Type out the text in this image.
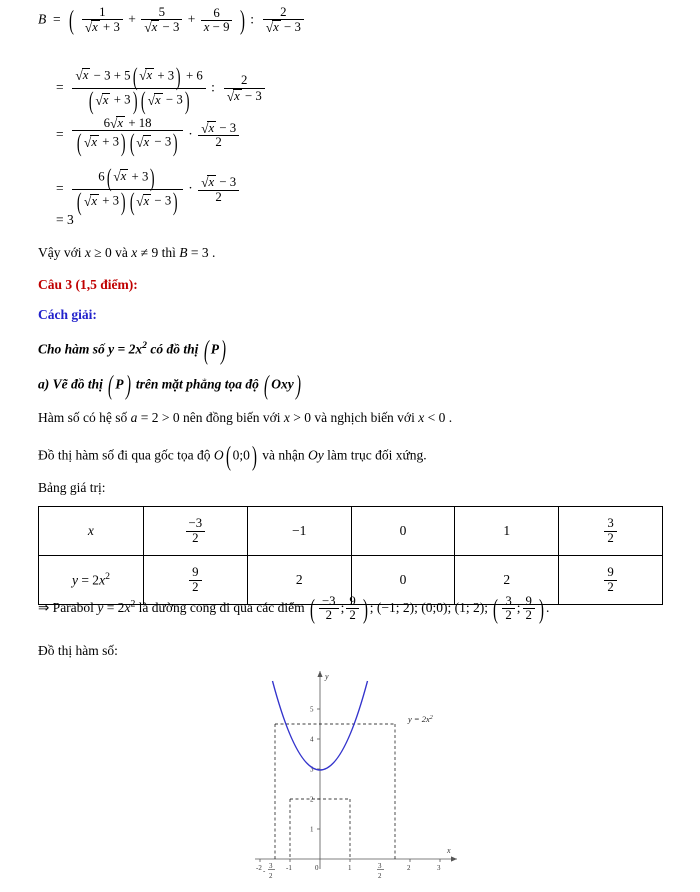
B  =  ( $\frac{1}{√x + 3} + \frac{5}{√x - 3} + \frac{6}{x - 9}$ ) : $\frac{2}{√x - 3}$
= $\frac{√x - 3 + 5( √x + 3) + 6}{( √x + 3) ( √x - 3)}$ : $\frac{2}{√x - 3}$
= $\frac{6√x + 18}{( √x + 3) ( √x - 3)} \cdot \frac{√x - 3}{2}$
= $\frac{6( √x + 3)}{( √x + 3) ( √x - 3)} \cdot \frac{√x - 3}{2}$
= 3
Vậy với x ≥ 0 và x ≠ 9 thì B = 3 .
Câu 3 (1,5 điểm):
Cách giải:
Cho hàm số $y = 2x^2$ có đồ thị ( P)
a) Vẽ đồ thị ( P) trên mặt phẳng tọa độ ( Oxy)
Hàm số có hệ số a = 2 > 0 nên đồng biến với x > 0 và nghịch biến với x < 0 .
Đồ thị hàm số đi qua gốc tọa độ O( 0;0) và nhận Oy làm trục đối xứng.
Bảng giá trị:
x	$\frac{-3}{2}$	−1	0	1	$\frac{3}{2}$

$y = 2x^2$	$\frac{9}{2}$	2	0	2	$\frac{9}{2}$
⇒ Parabol $y = 2x^2$ là đường cong đi qua các điểm ( $\frac{-3}{2}$ ; $\frac{9}{2}$ ) ; (−1; 2); (0;0); (1; 2); ( $\frac{3}{2}$ ; $\frac{9}{2}$ ) .
Đồ thị hàm số:
1
2
3
4
5
-2	-1	0	1	2	3
3
2
-
3
2
y
x
$y = 2x^2$
